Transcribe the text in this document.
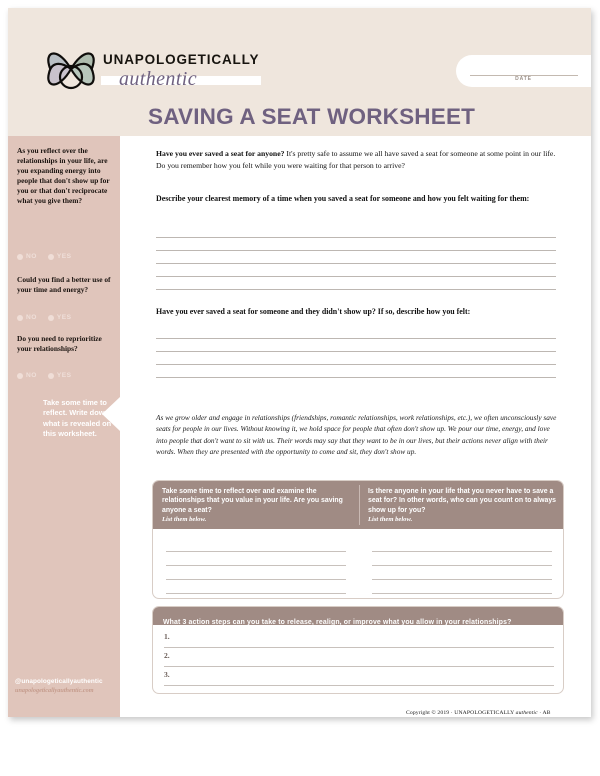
DATE
UNAPOLOGETICALLY
authentic
SAVING A SEAT WORKSHEET
As you reflect over the relationships in your life, are you expanding energy into people that don't show up for you or that don't reciprocate what you give them?
NO	YES
Could you find a better use of your time and energy?
NO	YES
Do you need to reprioritize your relationships?
NO	YES
Take some time to reflect. Write down what is revealed on this worksheet.
@unapologeticallyauthentic
unapologeticallyauthentic.com

Have you ever saved a seat for anyone? It's pretty safe to assume we all have saved a seat for someone at some point in our life. Do you remember how you felt while you were waiting for that person to arrive?

Describe your clearest memory of a time when you saved a seat for someone and how you felt waiting for them:

Have you ever saved a seat for someone and they didn't show up? If so, describe how you felt:

As we grow older and engage in relationships (friendships, romantic relationships, work relationships, etc.), we often unconsciously save seats for people in our lives. Without knowing it, we hold space for people that often don't show up. We pour our time, energy, and love into people that don't want to sit with us. Their words may say that they want to be in our lives, but their actions never align with their words. When they are presented with the opportunity to come and sit, they don't show up.

Take some time to reflect over and examine the relationships that you value in your life. Are you saving anyone a seat?
List them below.
Is there anyone in your life that you never have to save a seat for? In other words, who can you count on to always show up for you?
List them below.
What 3 action steps can you take to release, realign, or improve what you allow in your relationships?
1.
2.
3.
Copyright © 2019 · UNAPOLOGETICALLY authentic · AB
